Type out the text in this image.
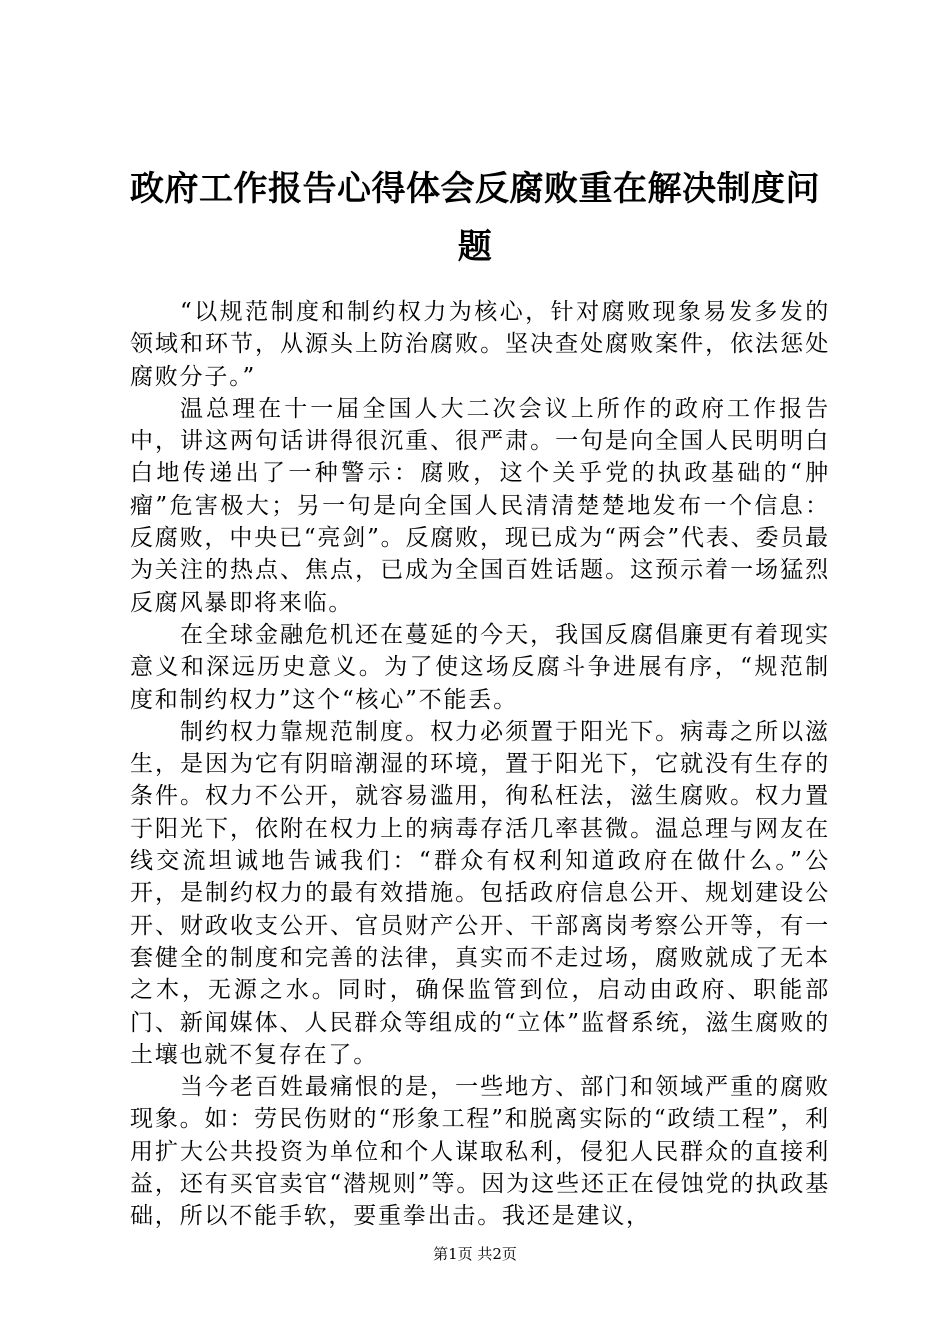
政府工作报告心得体会反腐败重在解决制度问题

“以规范制度和制约权力为核心，针对腐败现象易发多发的领域和环节，从源头上防治腐败。坚决查处腐败案件，依法惩处腐败分子。”

温总理在十一届全国人大二次会议上所作的政府工作报告中，讲这两句话讲得很沉重、很严肃。一句是向全国人民明明白白地传递出了一种警示：腐败，这个关乎党的执政基础的“肿瘤”危害极大；另一句是向全国人民清清楚楚地发布一个信息：反腐败，中央已“亮剑”。反腐败，现已成为“两会”代表、委员最为关注的热点、焦点，已成为全国百姓话题。这预示着一场猛烈反腐风暴即将来临。

在全球金融危机还在蔓延的今天，我国反腐倡廉更有着现实意义和深远历史意义。为了使这场反腐斗争进展有序，“规范制度和制约权力”这个“核心”不能丢。

制约权力靠规范制度。权力必须置于阳光下。病毒之所以滋生，是因为它有阴暗潮湿的环境，置于阳光下，它就没有生存的条件。权力不公开，就容易滥用，徇私枉法，滋生腐败。权力置于阳光下，依附在权力上的病毒存活几率甚微。温总理与网友在线交流坦诚地告诫我们：“群众有权利知道政府在做什么。”公开，是制约权力的最有效措施。包括政府信息公开、规划建设公开、财政收支公开、官员财产公开、干部离岗考察公开等，有一套健全的制度和完善的法律，真实而不走过场，腐败就成了无本之木，无源之水。同时，确保监管到位，启动由政府、职能部门、新闻媒体、人民群众等组成的“立体”监督系统，滋生腐败的土壤也就不复存在了。

当今老百姓最痛恨的是，一些地方、部门和领域严重的腐败现象。如：劳民伤财的“形象工程”和脱离实际的“政绩工程”，利用扩大公共投资为单位和个人谋取私利，侵犯人民群众的直接利益，还有买官卖官“潜规则”等。因为这些还正在侵蚀党的执政基础，所以不能手软，要重拳出击。我还是建议，

第1页 共2页
